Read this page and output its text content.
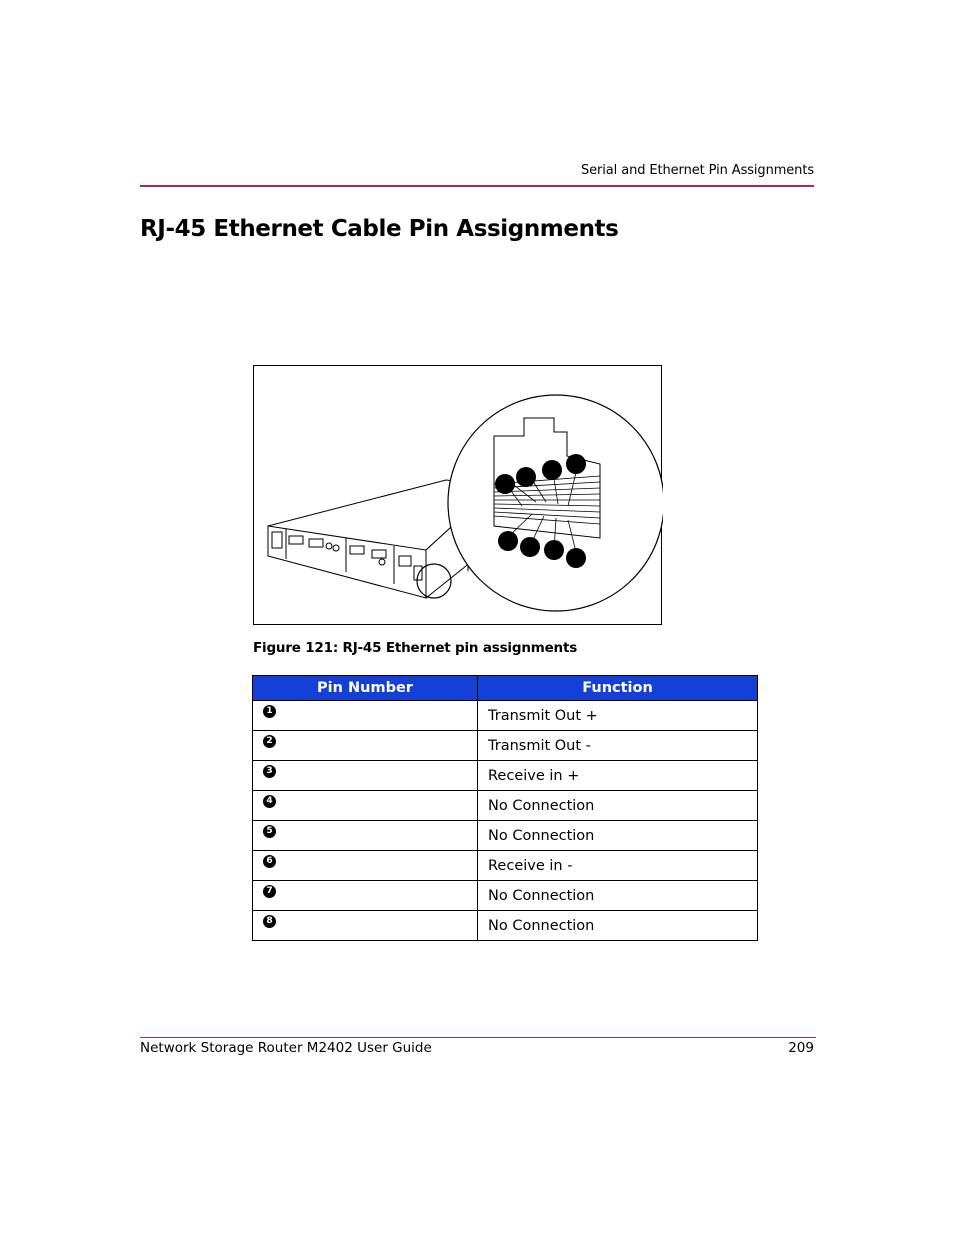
Serial and Ethernet Pin Assignments
RJ-45 Ethernet Cable Pin Assignments
Figure 121: RJ-45 Ethernet pin assignments
Pin Number	Function
1	Transmit Out +
2	Transmit Out -
3	Receive in +
4	No Connection
5	No Connection
6	Receive in -
7	No Connection
8	No Connection
Network Storage Router M2402 User Guide	209
